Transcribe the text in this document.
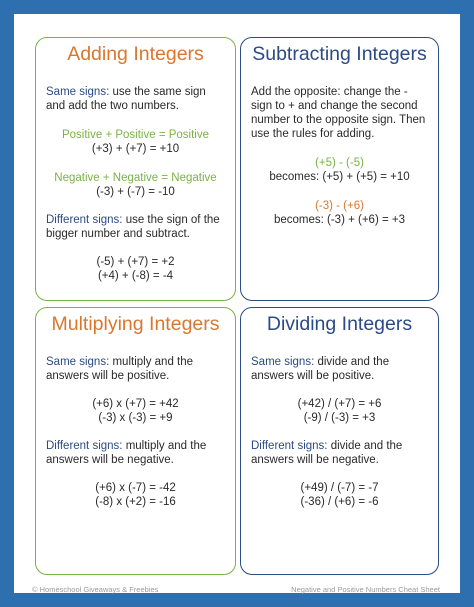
Adding Integers
Same signs: use the same sign and add the two numbers.
Positive + Positive = Positive
(+3) + (+7) = +10
Negative + Negative = Negative
(-3) + (-7) = -10
Different signs: use the sign of the bigger number and subtract.
(-5) + (+7) = +2
(+4) + (-8) = -4
Subtracting Integers
Add the opposite: change the - sign to + and change the second number to the opposite sign. Then use the rules for adding.
(+5) - (-5)
becomes: (+5) + (+5) = +10
(-3) - (+6)
becomes: (-3) + (+6) = +3
Multiplying Integers
Same signs: multiply and the answers will be positive.
(+6) x (+7) = +42
(-3) x (-3) = +9
Different signs: multiply and the answers will be negative.
(+6) x (-7) = -42
(-8) x (+2) = -16
Dividing Integers
Same signs: divide and the answers will be positive.
(+42) / (+7) = +6
(-9) / (-3) = +3
Different signs: divide and the answers will be negative.
(+49) / (-7) = -7
(-36) / (+6) = -6
© Homeschool Giveaways & Freebies	Negative and Positive Numbers Cheat Sheet
